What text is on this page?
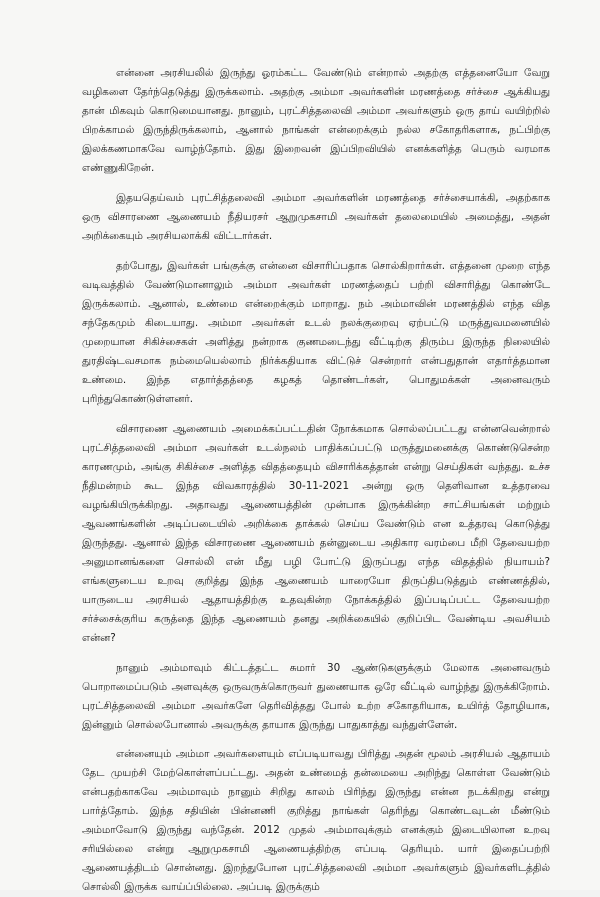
என்னை அரசியலில் இருந்து ஓரம்கட்ட வேண்டும் என்றால் அதற்கு எத்தனையோ வேறு வழிகளை தேர்ந்தெடுத்து இருக்கலாம். அதற்கு அம்மா அவர்களின் மரணத்தை சர்ச்சை ஆக்கியது தான் மிகவும் கொடுமையானது. நானும், புரட்சித்தலைவி அம்மா அவர்களும் ஒரு தாய் வயிற்றில் பிறக்காமல் இருந்திருக்கலாம், ஆனால் நாங்கள் என்றைக்கும் நல்ல சகோதரிகளாக, நட்பிற்கு இலக்கணமாகவே வாழ்ந்தோம். இது இறைவன் இப்பிறவியில் எனக்களித்த பெரும் வரமாக எண்ணுகிறேன்.

இதயதெய்வம் புரட்சித்தலைவி அம்மா அவர்களின் மரணத்தை சர்ச்சையாக்கி, அதற்காக ஒரு விசாரணை ஆணையம் நீதியரசர் ஆறுமுகசாமி அவர்கள் தலைமையில் அமைத்து, அதன் அறிக்கையும் அரசியலாக்கி விட்டார்கள்.

தற்போது, இவர்கள் பங்குக்கு என்னை விசாரிப்பதாக சொல்கிறார்கள். எத்தனை முறை எந்த வடிவத்தில் வேண்டுமானாலும் அம்மா அவர்கள் மரணத்தைப் பற்றி விசாரித்து கொண்டே இருக்கலாம். ஆனால், உண்மை என்றைக்கும் மாறாது. நம் அம்மாவின் மரணத்தில் எந்த வித சந்தேகமும் கிடையாது. அம்மா அவர்கள் உடல் நலக்குறைவு ஏற்பட்டு மருத்துவமனையில் முறையான சிகிச்சைகள் அளித்து நன்றாக குணமடைந்து வீட்டிற்கு திரும்ப இருந்த நிலையில் துரதிஷ்டவசமாக நம்மையெல்லாம் நிர்க்கதியாக விட்டுச் சென்றார் என்பதுதான் எதார்த்தமான உண்மை. இந்த எதார்த்தத்தை கழகத் தொண்டர்கள், பொதுமக்கள் அனைவரும் புரிந்துகொண்டுள்ளனர்.

விசாரணை ஆணையம் அமைக்கப்பட்டதின் நோக்கமாக சொல்லப்பட்டது என்னவென்றால் புரட்சித்தலைவி அம்மா அவர்கள் உடல்நலம் பாதிக்கப்பட்டு மருத்துமனைக்கு கொண்டுசென்ற காரணமும், அங்கு சிகிச்சை அளித்த விதத்தையும் விசாரிக்கத்தான் என்று செய்திகள் வந்தது. உச்ச நீதிமன்றம் கூட இந்த விவகாரத்தில் 30-11-2021 அன்று ஒரு தெளிவான உத்தரவை வழங்கியிருக்கிறது. அதாவது ஆணையத்தின் முன்பாக இருக்கின்ற சாட்சியங்கள் மற்றும் ஆவணங்களின் அடிப்படையில் அறிக்கை தாக்கல் செய்ய வேண்டும் என உத்தரவு கொடுத்து இருந்தது. ஆனால் இந்த விசாரணை ஆணையம் தன்னுடைய அதிகார வரம்பை மீறி தேவையற்ற அனுமானங்களை சொல்லி என் மீது பழி போட்டு இருப்பது எந்த விதத்தில் நியாயம்? எங்களுடைய உறவு குறித்து இந்த ஆணையம் யாரையோ திருப்திபடுத்தும் எண்ணத்தில், யாருடைய அரசியல் ஆதாயத்திற்கு உதவுகின்ற நோக்கத்தில் இப்படிப்பட்ட தேவையற்ற சர்ச்சைக்குரிய கருத்தை இந்த ஆணையம் தனது அறிக்கையில் குறிப்பிட வேண்டிய அவசியம் என்ன?

நானும் அம்மாவும் கிட்டத்தட்ட சுமார் 30 ஆண்டுகளுக்கும் மேலாக அனைவரும் பொறாமைப்படும் அளவுக்கு ஒருவருக்கொருவர் துணையாக ஒரே வீட்டில் வாழ்ந்து இருக்கிறோம். புரட்சித்தலைவி அம்மா அவர்களே தெரிவித்தது போல் உற்ற சகோதரியாக, உயிர்த் தோழியாக, இன்னும் சொல்லபோனால் அவருக்கு தாயாக இருந்து பாதுகாத்து வந்துள்ளேன்.

என்னையும் அம்மா அவர்களையும் எப்படியாவது பிரித்து அதன் மூலம் அரசியல் ஆதாயம் தேட முயற்சி மேற்கொள்ளப்பட்டது. அதன் உண்மைத் தன்மையை அறிந்து கொள்ள வேண்டும் என்பதற்காகவே அம்மாவும் நானும் சிறிது காலம் பிரிந்து இருந்து என்ன நடக்கிறது என்று பார்த்தோம். இந்த சதியின் பின்னணி குறித்து நாங்கள் தெரிந்து கொண்டவுடன் மீண்டும் அம்மாவோடு இருந்து வந்தேன். 2012 முதல் அம்மாவுக்கும் எனக்கும் இடையிலான உறவு சரியில்லை என்று ஆறுமுகசாமி ஆணையத்திற்கு எப்படி தெரியும். யார் இதைப்பற்றி ஆணையத்திடம் சொன்னது. இறந்துபோன புரட்சித்தலைவி அம்மா அவர்களும் இவர்களிடத்தில் சொல்லி இருக்க வாய்ப்பில்லை. அப்படி இருக்கும்
